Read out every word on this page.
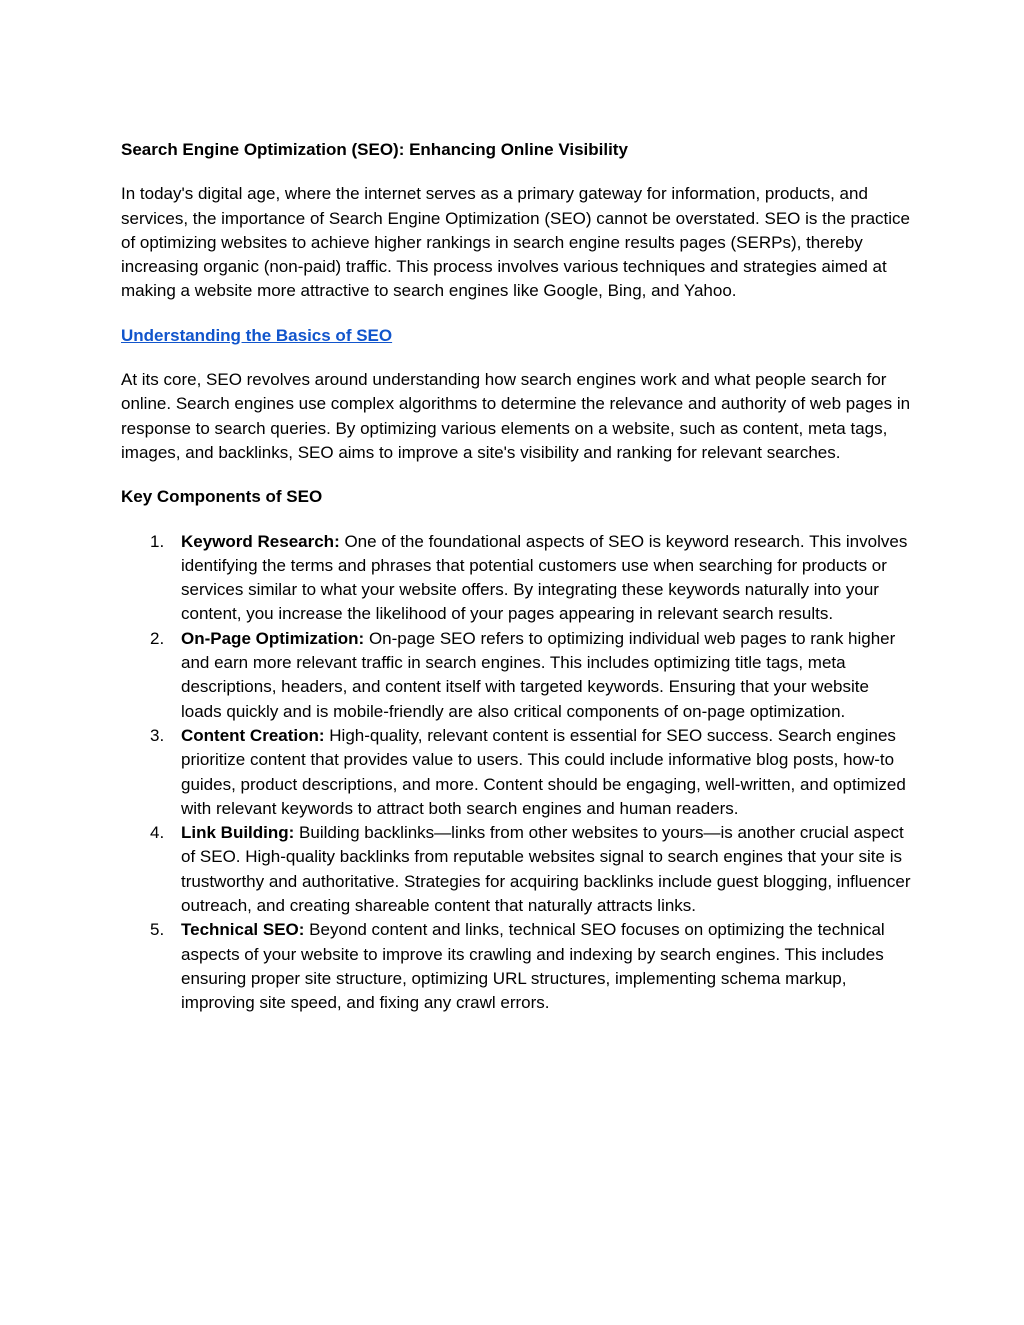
Search Engine Optimization (SEO): Enhancing Online Visibility

In today's digital age, where the internet serves as a primary gateway for information, products, and services, the importance of Search Engine Optimization (SEO) cannot be overstated. SEO is the practice of optimizing websites to achieve higher rankings in search engine results pages (SERPs), thereby increasing organic (non-paid) traffic. This process involves various techniques and strategies aimed at making a website more attractive to search engines like Google, Bing, and Yahoo.

Understanding the Basics of SEO

At its core, SEO revolves around understanding how search engines work and what people search for online. Search engines use complex algorithms to determine the relevance and authority of web pages in response to search queries. By optimizing various elements on a website, such as content, meta tags, images, and backlinks, SEO aims to improve a site's visibility and ranking for relevant searches.

Key Components of SEO
1. Keyword Research: One of the foundational aspects of SEO is keyword research. This involves identifying the terms and phrases that potential customers use when searching for products or services similar to what your website offers. By integrating these keywords naturally into your content, you increase the likelihood of your pages appearing in relevant search results.
2. On-Page Optimization: On-page SEO refers to optimizing individual web pages to rank higher and earn more relevant traffic in search engines. This includes optimizing title tags, meta descriptions, headers, and content itself with targeted keywords. Ensuring that your website loads quickly and is mobile-friendly are also critical components of on-page optimization.
3. Content Creation: High-quality, relevant content is essential for SEO success. Search engines prioritize content that provides value to users. This could include informative blog posts, how-to guides, product descriptions, and more. Content should be engaging, well-written, and optimized with relevant keywords to attract both search engines and human readers.
4. Link Building: Building backlinks—links from other websites to yours—is another crucial aspect of SEO. High-quality backlinks from reputable websites signal to search engines that your site is trustworthy and authoritative. Strategies for acquiring backlinks include guest blogging, influencer outreach, and creating shareable content that naturally attracts links.
5. Technical SEO: Beyond content and links, technical SEO focuses on optimizing the technical aspects of your website to improve its crawling and indexing by search engines. This includes ensuring proper site structure, optimizing URL structures, implementing schema markup, improving site speed, and fixing any crawl errors.
